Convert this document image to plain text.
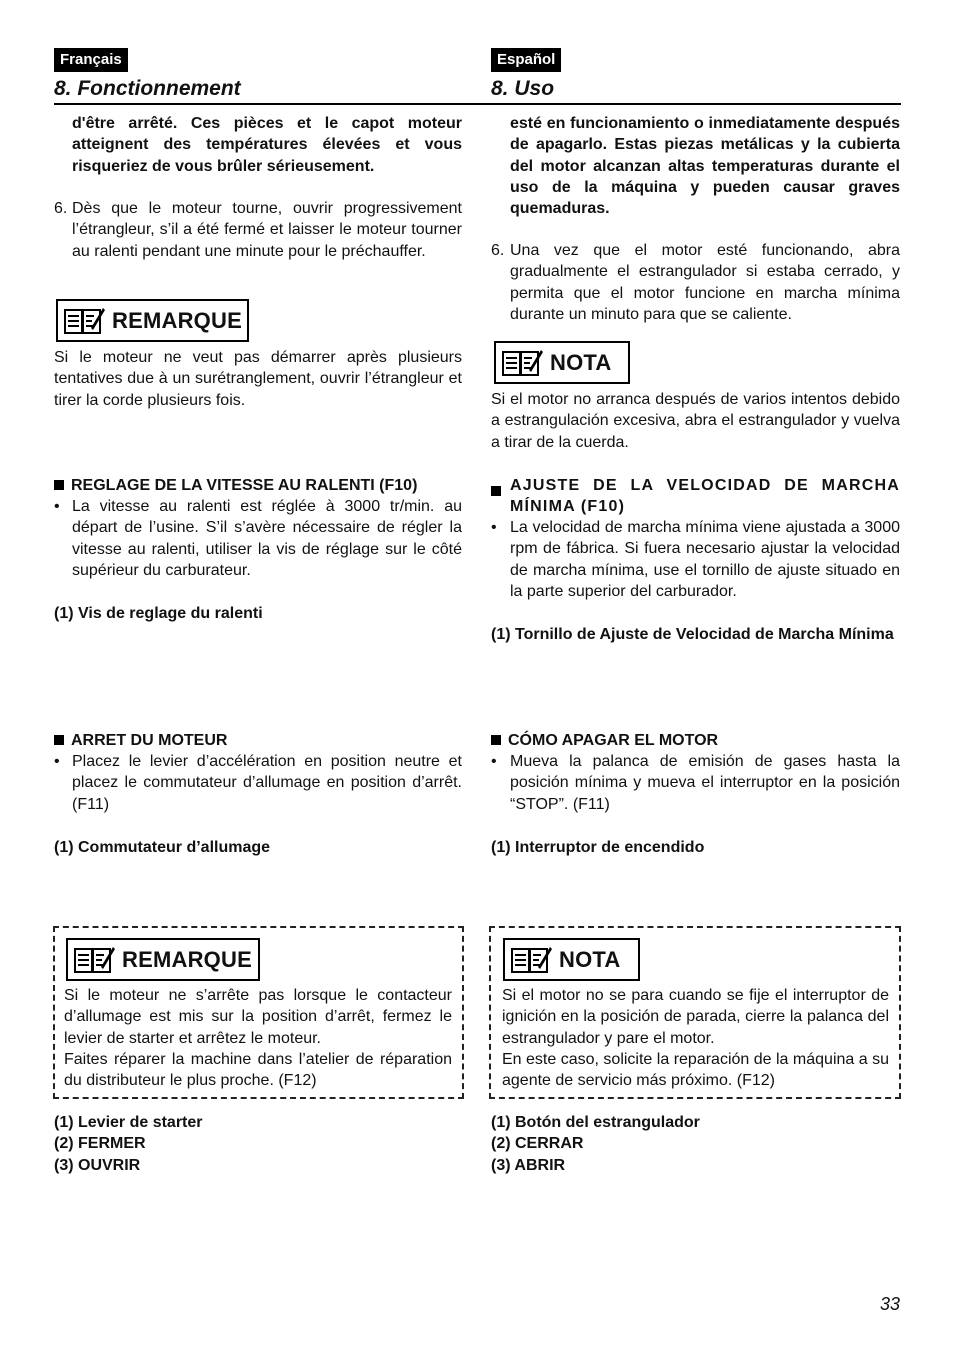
Français	Español
8. Fonctionnement	8. Uso
d'être arrêté. Ces pièces et le capot moteur atteignent des températures élevées et vous risqueriez de vous brûler sérieusement.
6. Dès que le moteur tourne, ouvrir progressivement l’étrangleur, s’il a été fermé et laisser le moteur tourner au ralenti pendant une minute pour le préchauffer.
REMARQUE
Si le moteur ne veut pas démarrer après plusieurs tentatives due à un surétranglement, ouvrir l’étrangleur et tirer la corde plusieurs fois.
REGLAGE DE LA VITESSE AU RALENTI (F10)
• La vitesse au ralenti est réglée à 3000 tr/min. au départ de l’usine. S’il s’avère nécessaire de régler la vitesse au ralenti, utiliser la vis de réglage sur le côté supérieur du carburateur.
(1) Vis de reglage du ralenti
ARRET DU MOTEUR
• Placez le levier d’accélération en position neutre et placez le commutateur d’allumage en position d’arrêt. (F11)
(1) Commutateur d’allumage
REMARQUE
Si le moteur ne s’arrête pas lorsque le contacteur d’allumage est mis sur la position d’arrêt, fermez le levier de starter et arrêtez le moteur.
Faites réparer la machine dans l’atelier de réparation du distributeur le plus proche. (F12)
(1) Levier de starter
(2) FERMER
(3) OUVRIR
esté en funcionamiento o inmediatamente después de apagarlo. Estas piezas metálicas y la cubierta del motor alcanzan altas temperaturas durante el uso de la máquina y pueden causar graves quemaduras.
6. Una vez que el motor esté funcionando, abra gradualmente el estrangulador si estaba cerrado, y permita que el motor funcione en marcha mínima durante un minuto para que se caliente.
NOTA
Si el motor no arranca después de varios intentos debido a estrangulación excesiva, abra el estrangulador y vuelva a tirar de la cuerda.
AJUSTE DE LA VELOCIDAD DE MARCHA MÍNIMA (F10)
• La velocidad de marcha mínima viene ajustada a 3000 rpm de fábrica. Si fuera necesario ajustar la velocidad de marcha mínima, use el tornillo de ajuste situado en la parte superior del carburador.
(1) Tornillo de Ajuste de Velocidad de Marcha Mínima
CÓMO APAGAR EL MOTOR
• Mueva la palanca de emisión de gases hasta la posición mínima y mueva el interruptor en la posición “STOP”. (F11)
(1) Interruptor de encendido
NOTA
Si el motor no se para cuando se fije el interruptor de ignición en la posición de parada, cierre la palanca del estrangulador y pare el motor.
En este caso, solicite la reparación de la máquina a su agente de servicio más próximo. (F12)
(1) Botón del estrangulador
(2) CERRAR
(3) ABRIR
33
